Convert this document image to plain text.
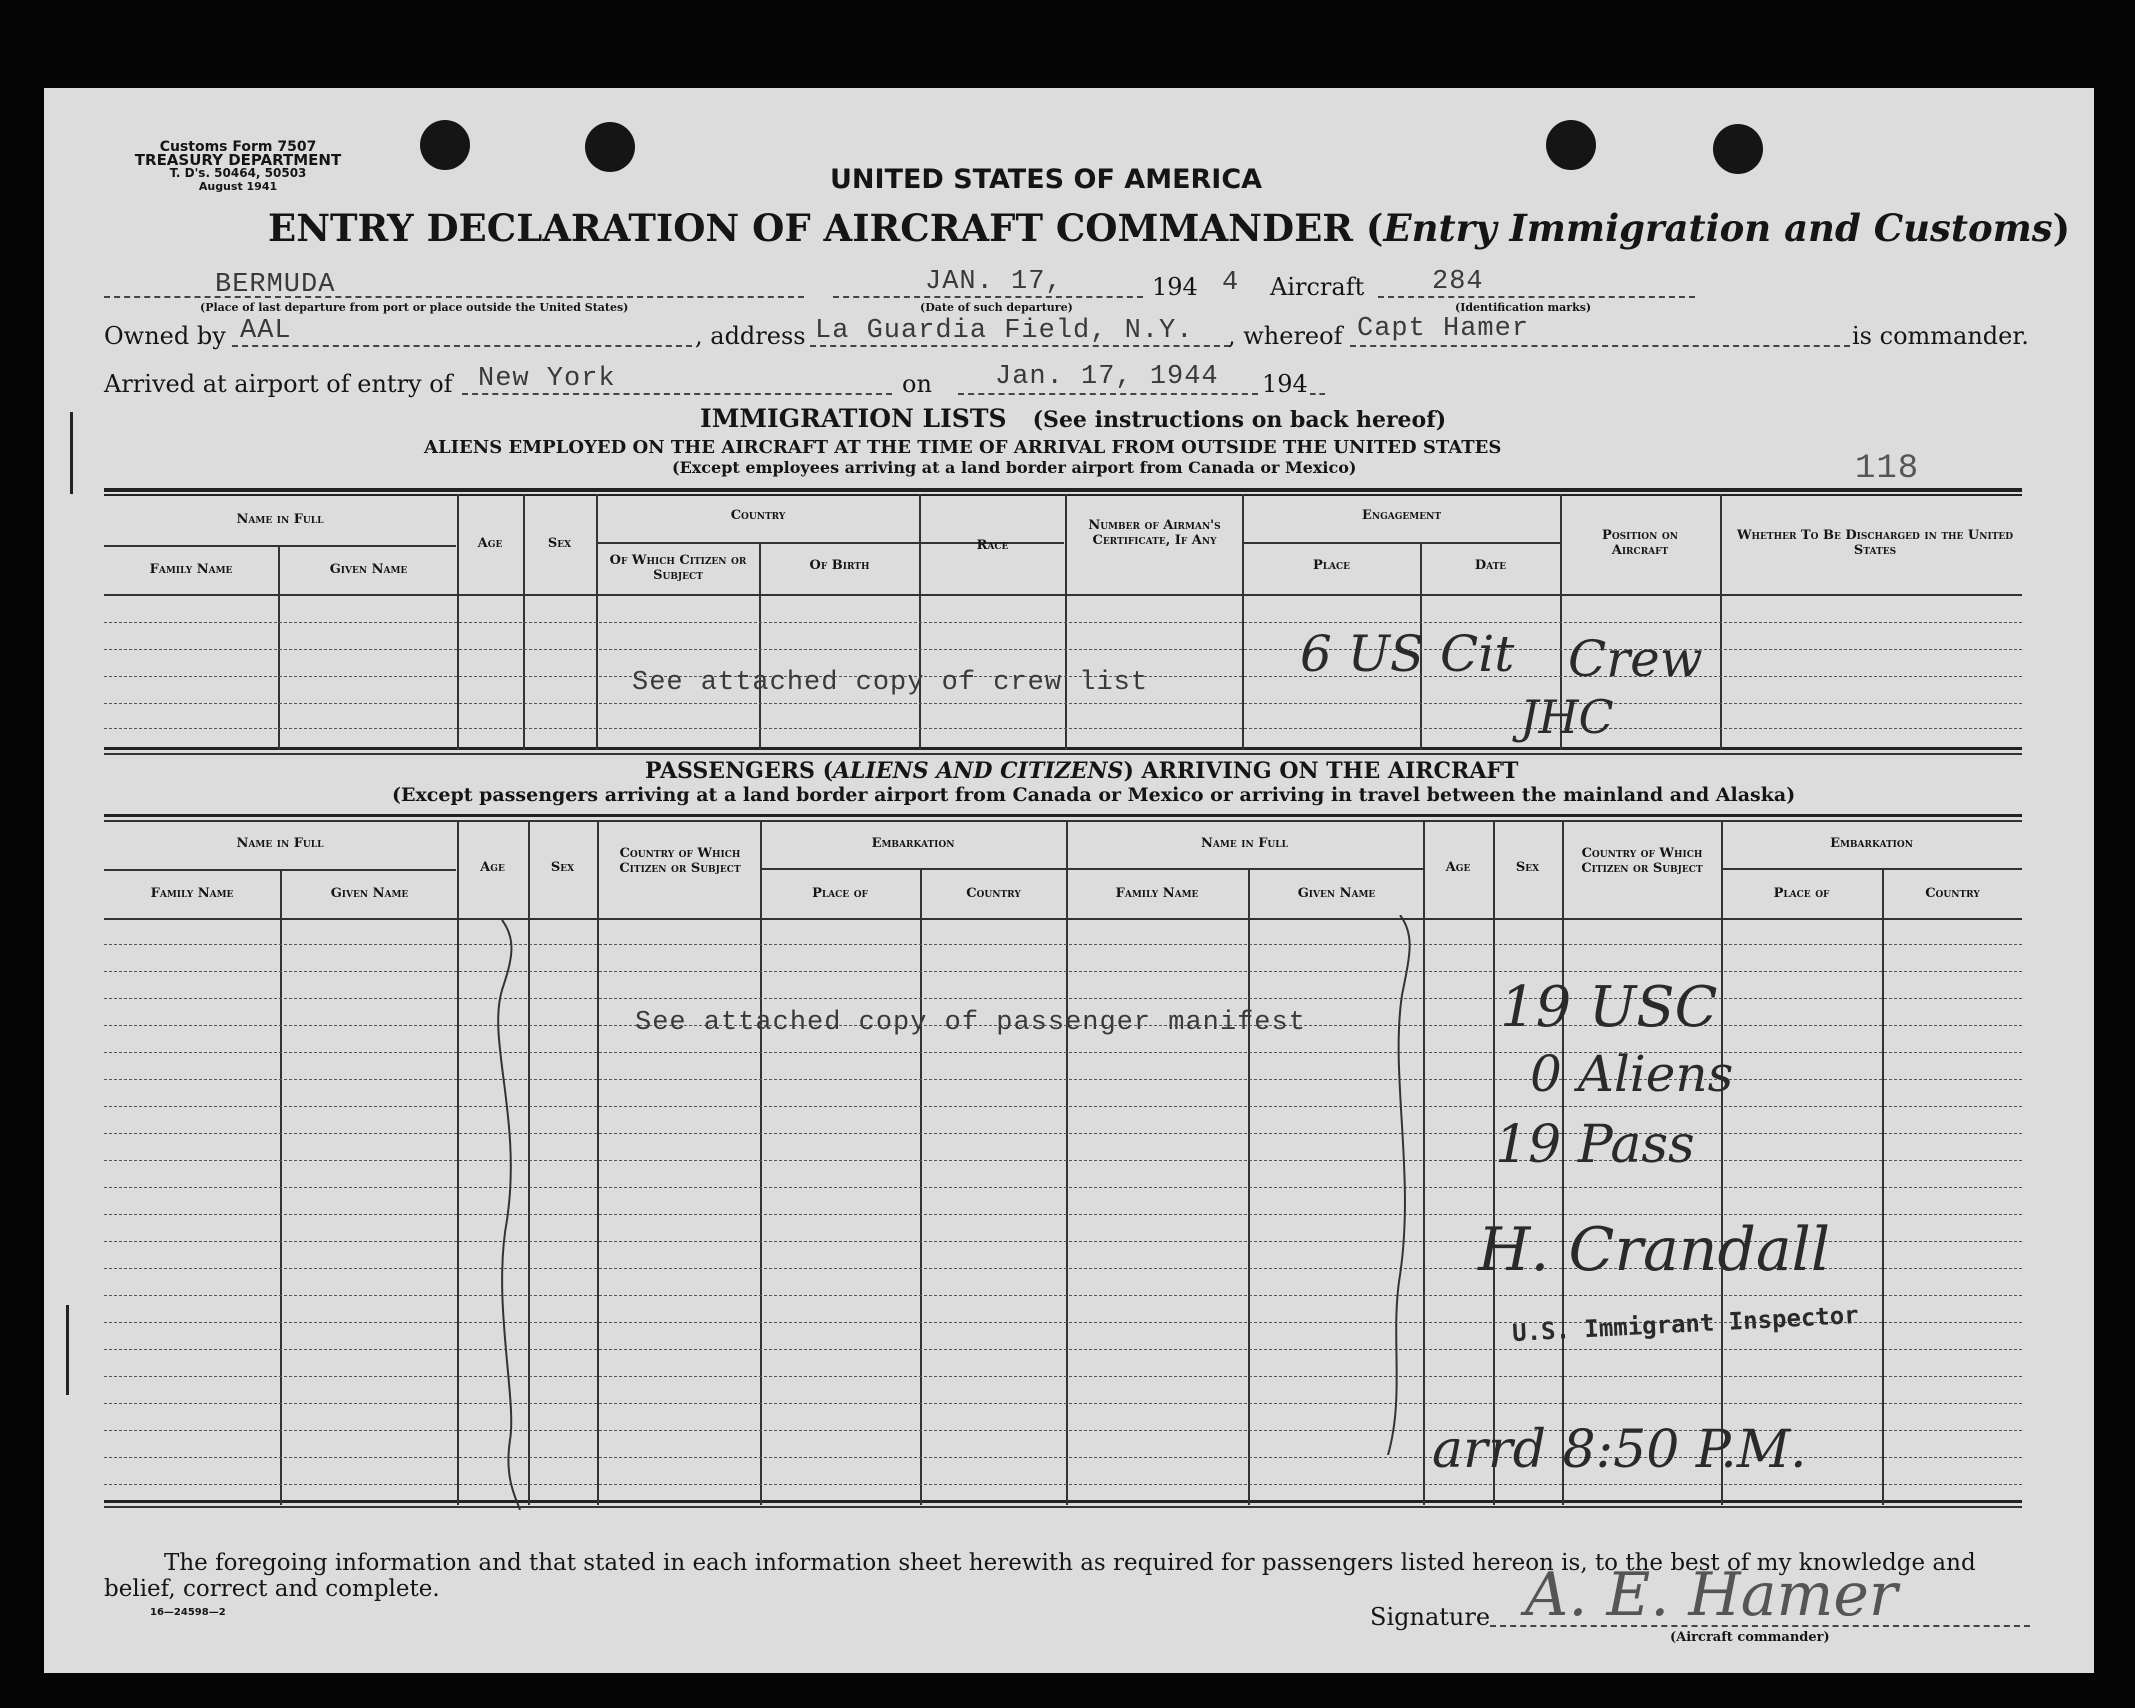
Customs Form 7507
TREASURY DEPARTMENT
T. D's. 50464, 50503
August 1941	UNITED STATES OF AMERICA
ENTRY DECLARATION OF AIRCRAFT COMMANDER (Entry Immigration and Customs)
BERMUDA
(Place of last departure from port or place outside the United States)
JAN. 17,
(Date of such departure)
194 4 Aircraft	284
(Identification marks)
Owned by AAL	, address La Guardia Field, N.Y. , whereof Capt Hamer	is commander.
Arrived at airport of entry of New York	on Jan. 17, 1944 194
IMMIGRATION LISTS (See instructions on back hereof)
ALIENS EMPLOYED ON THE AIRCRAFT AT THE TIME OF ARRIVAL FROM OUTSIDE THE UNITED STATES
(Except employees arriving at a land border airport from Canada or Mexico)	118
Name in Full
Family Name	Given Name
Age	Sex
Country
Of Which Citizen or Subject
Of Birth
Race
Number of Airman's Certificate, If Any
Engagement
Place	Date
Position on Aircraft
Whether To Be Discharged in the United States
See attached copy of crew list	6 US Cit Crew
JHC
PASSENGERS (ALIENS AND CITIZENS) ARRIVING ON THE AIRCRAFT
(Except passengers arriving at a land border airport from Canada or Mexico or arriving in travel between the mainland and Alaska)
Name in Full
Family Name	Given Name
Age	Sex
Country of Which Citizen or Subject
Embarkation
Place of	Country
Name in Full
Family Name	Given Name
Age	Sex
Country of Which Citizen or Subject
Embarkation
Place of	Country
See attached copy of passenger manifest	19 USC
0 Aliens
19 Pass
H. Crandall
U.S. Immigrant Inspector
arrd 8:50 P.M.
The foregoing information and that stated in each information sheet herewith as required for passengers listed hereon is, to the best of my knowledge and
belief, correct and complete.
16—24598—2	Signature A. E. Hamer
(Aircraft commander)
